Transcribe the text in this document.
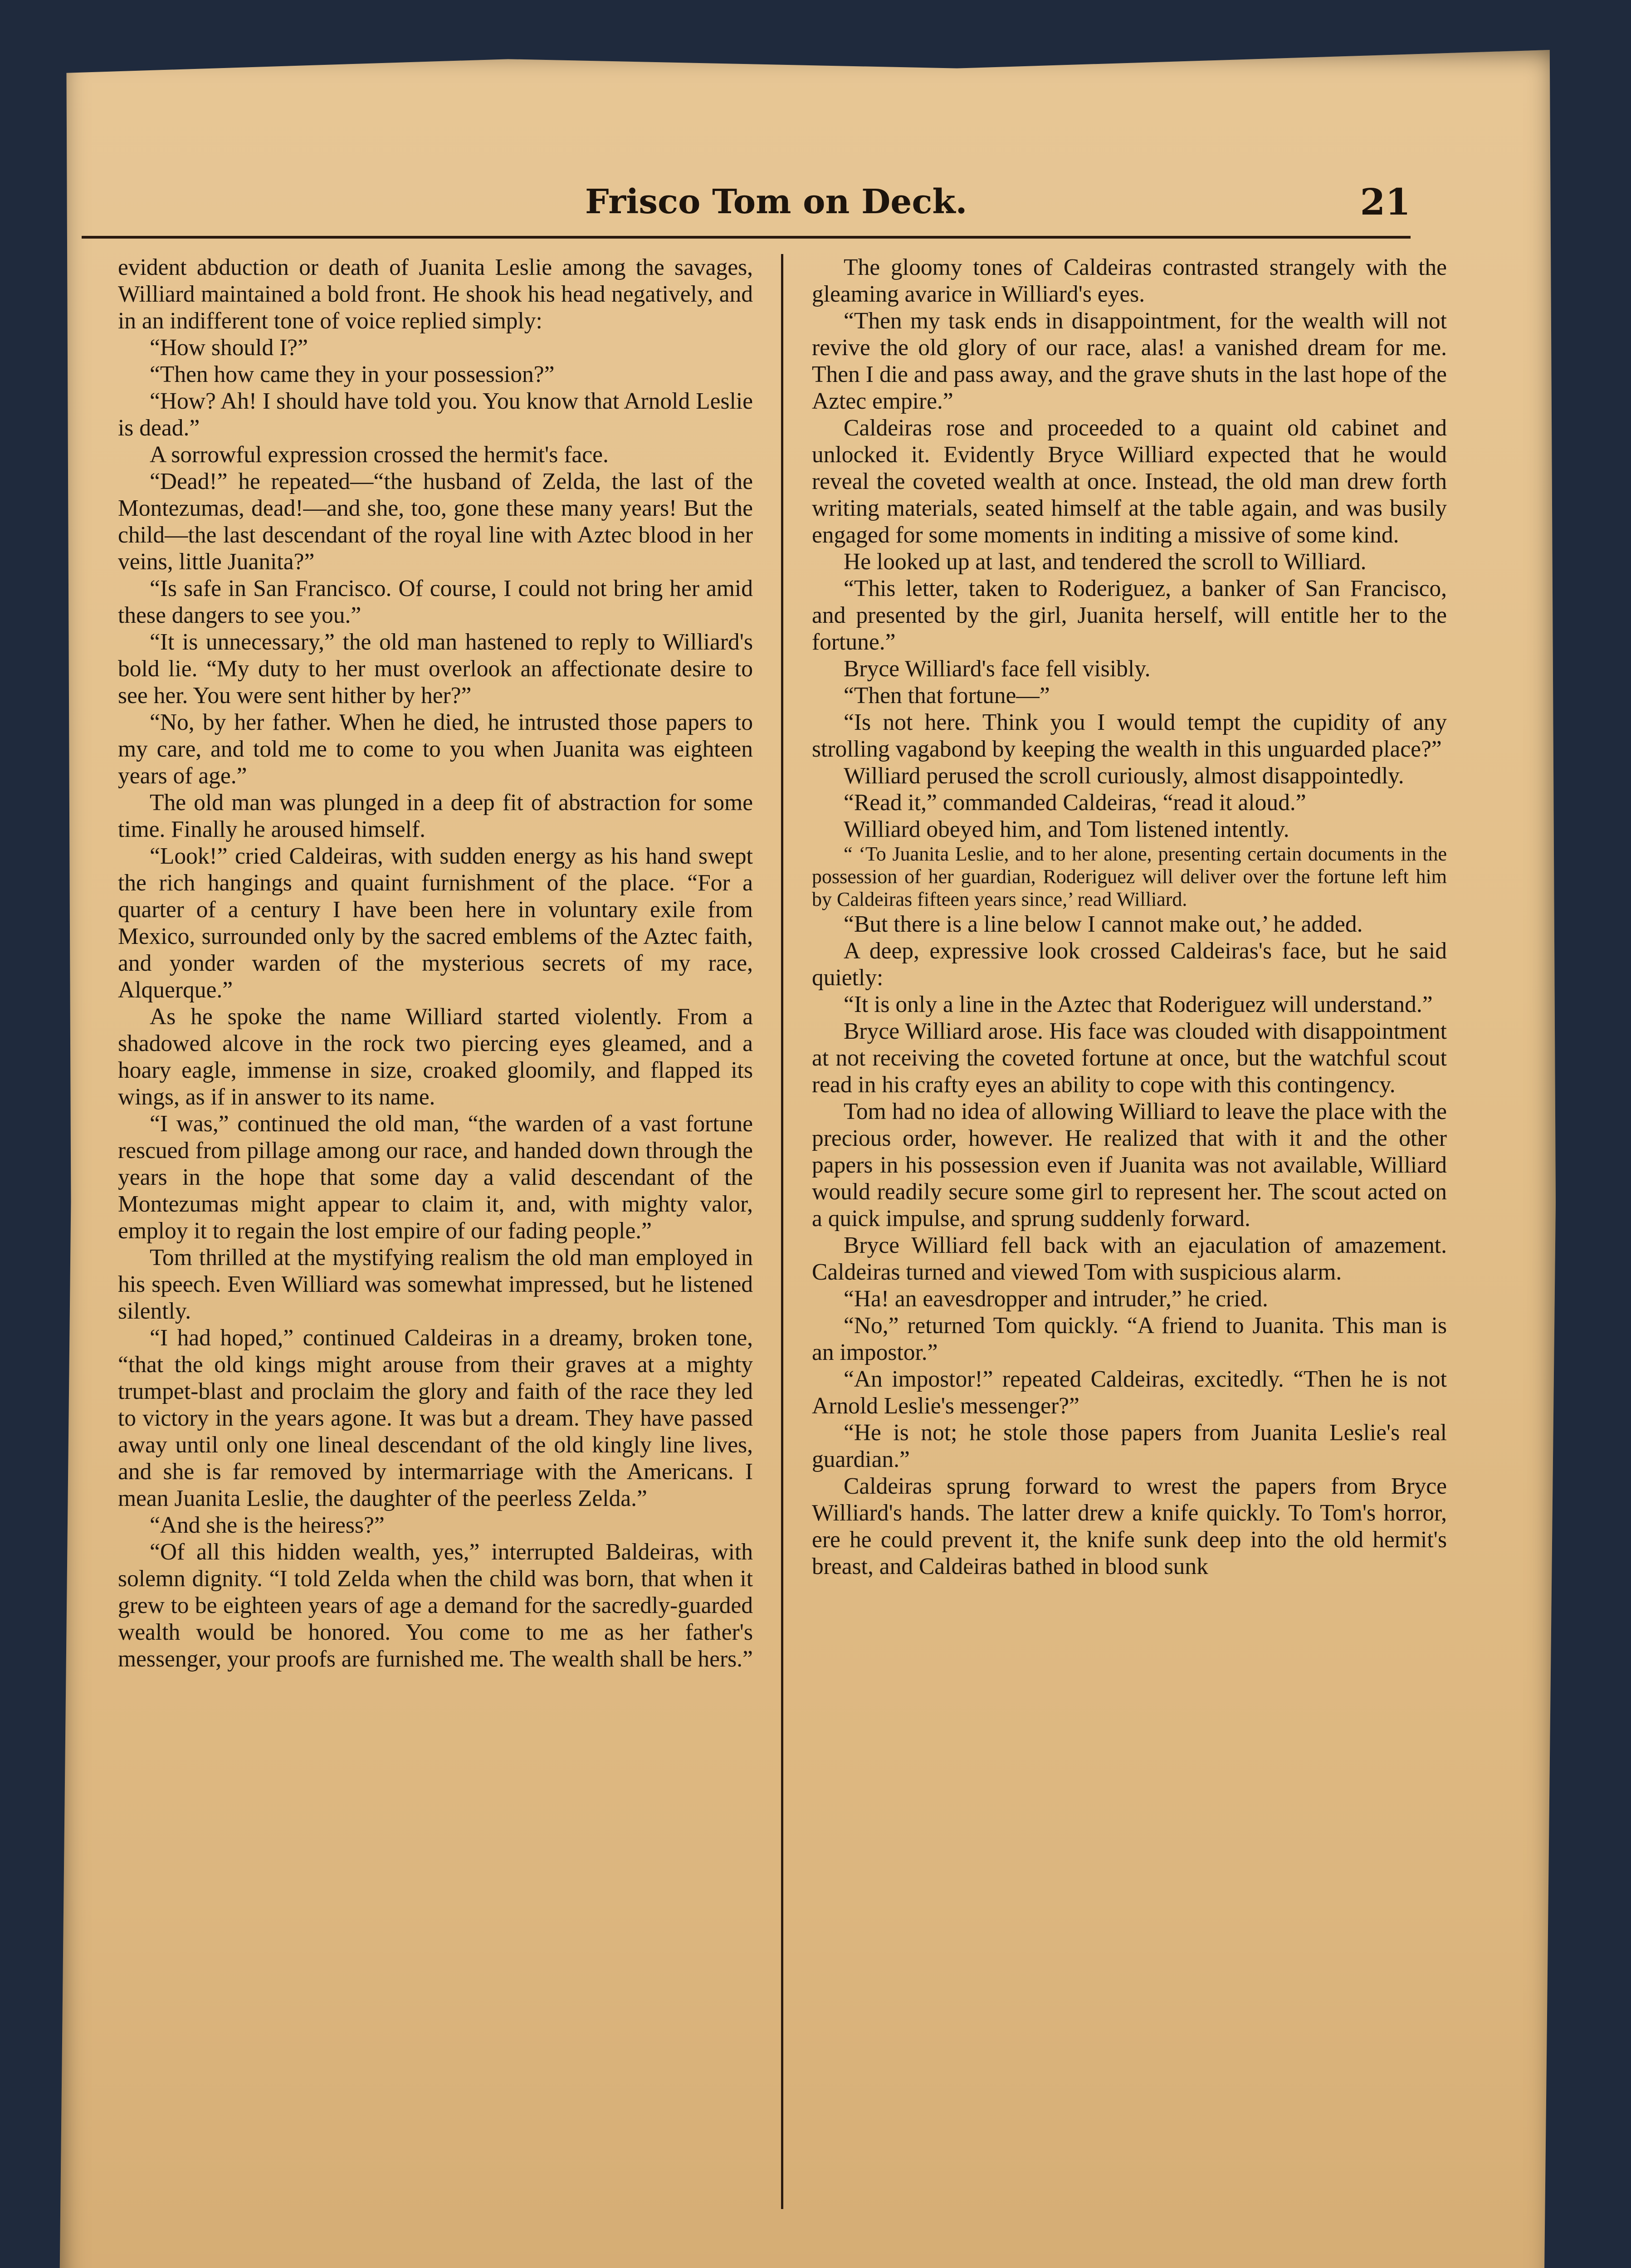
Frisco Tom on Deck.	21

evident abduction or death of Juanita Leslie among the savages, Williard maintained a bold front. He shook his head negatively, and in an indifferent tone of voice replied simply:

“How should I?”

“Then how came they in your possession?”

“How? Ah! I should have told you. You know that Arnold Leslie is dead.”

A sorrowful expression crossed the hermit's face.

“Dead!” he repeated—“the husband of Zelda, the last of the Montezumas, dead!—and she, too, gone these many years! But the child—the last descendant of the royal line with Aztec blood in her veins, little Juanita?”

“Is safe in San Francisco. Of course, I could not bring her amid these dangers to see you.”

“It is unnecessary,” the old man hastened to reply to Williard's bold lie. “My duty to her must overlook an affectionate desire to see her. You were sent hither by her?”

“No, by her father. When he died, he intrusted those papers to my care, and told me to come to you when Juanita was eighteen years of age.”

The old man was plunged in a deep fit of abstraction for some time. Finally he aroused himself.

“Look!” cried Caldeiras, with sudden energy as his hand swept the rich hangings and quaint furnishment of the place. “For a quarter of a century I have been here in voluntary exile from Mexico, surrounded only by the sacred emblems of the Aztec faith, and yonder warden of the mysterious secrets of my race, Alquerque.”

As he spoke the name Williard started violently. From a shadowed alcove in the rock two piercing eyes gleamed, and a hoary eagle, immense in size, croaked gloomily, and flapped its wings, as if in answer to its name.

“I was,” continued the old man, “the warden of a vast fortune rescued from pillage among our race, and handed down through the years in the hope that some day a valid descendant of the Montezumas might appear to claim it, and, with mighty valor, employ it to regain the lost empire of our fading people.”

Tom thrilled at the mystifying realism the old man employed in his speech. Even Williard was somewhat impressed, but he listened silently.

“I had hoped,” continued Caldeiras in a dreamy, broken tone, “that the old kings might arouse from their graves at a mighty trumpet-blast and proclaim the glory and faith of the race they led to victory in the years agone. It was but a dream. They have passed away until only one lineal descendant of the old kingly line lives, and she is far removed by intermarriage with the Americans. I mean Juanita Leslie, the daughter of the peerless Zelda.”

“And she is the heiress?”

“Of all this hidden wealth, yes,” interrupted Baldeiras, with solemn dignity. “I told Zelda when the child was born, that when it grew to be eighteen years of age a demand for the sacredly-guarded wealth would be honored. You come to me as her father's messenger, your proofs are furnished me. The wealth shall be hers.”

The gloomy tones of Caldeiras contrasted strangely with the gleaming avarice in Williard's eyes.

“Then my task ends in disappointment, for the wealth will not revive the old glory of our race, alas! a vanished dream for me. Then I die and pass away, and the grave shuts in the last hope of the Aztec empire.”

Caldeiras rose and proceeded to a quaint old cabinet and unlocked it. Evidently Bryce Williard expected that he would reveal the coveted wealth at once. Instead, the old man drew forth writing materials, seated himself at the table again, and was busily engaged for some moments in inditing a missive of some kind.

He looked up at last, and tendered the scroll to Williard.

“This letter, taken to Roderiguez, a banker of San Francisco, and presented by the girl, Juanita herself, will entitle her to the fortune.”

Bryce Williard's face fell visibly.

“Then that fortune—”

“Is not here. Think you I would tempt the cupidity of any strolling vagabond by keeping the wealth in this unguarded place?”

Williard perused the scroll curiously, almost disappointedly.

“Read it,” commanded Caldeiras, “read it aloud.”

Williard obeyed him, and Tom listened intently.

“ ‘To Juanita Leslie, and to her alone, presenting certain documents in the possession of her guardian, Roderiguez will deliver over the fortune left him by Caldeiras fifteen years since,’ read Williard.

“But there is a line below I cannot make out,’ he added.

A deep, expressive look crossed Caldeiras's face, but he said quietly:

“It is only a line in the Aztec that Roderiguez will understand.”

Bryce Williard arose. His face was clouded with disappointment at not receiving the coveted fortune at once, but the watchful scout read in his crafty eyes an ability to cope with this contingency.

Tom had no idea of allowing Williard to leave the place with the precious order, however. He realized that with it and the other papers in his possession even if Juanita was not available, Williard would readily secure some girl to represent her. The scout acted on a quick impulse, and sprung suddenly forward.

Bryce Williard fell back with an ejaculation of amazement. Caldeiras turned and viewed Tom with suspicious alarm.

“Ha! an eavesdropper and intruder,” he cried.

“No,” returned Tom quickly. “A friend to Juanita. This man is an impostor.”

“An impostor!” repeated Caldeiras, excitedly. “Then he is not Arnold Leslie's messenger?”

“He is not; he stole those papers from Juanita Leslie's real guardian.”

Caldeiras sprung forward to wrest the papers from Bryce Williard's hands. The latter drew a knife quickly. To Tom's horror, ere he could prevent it, the knife sunk deep into the old hermit's breast, and Caldeiras bathed in blood sunk
